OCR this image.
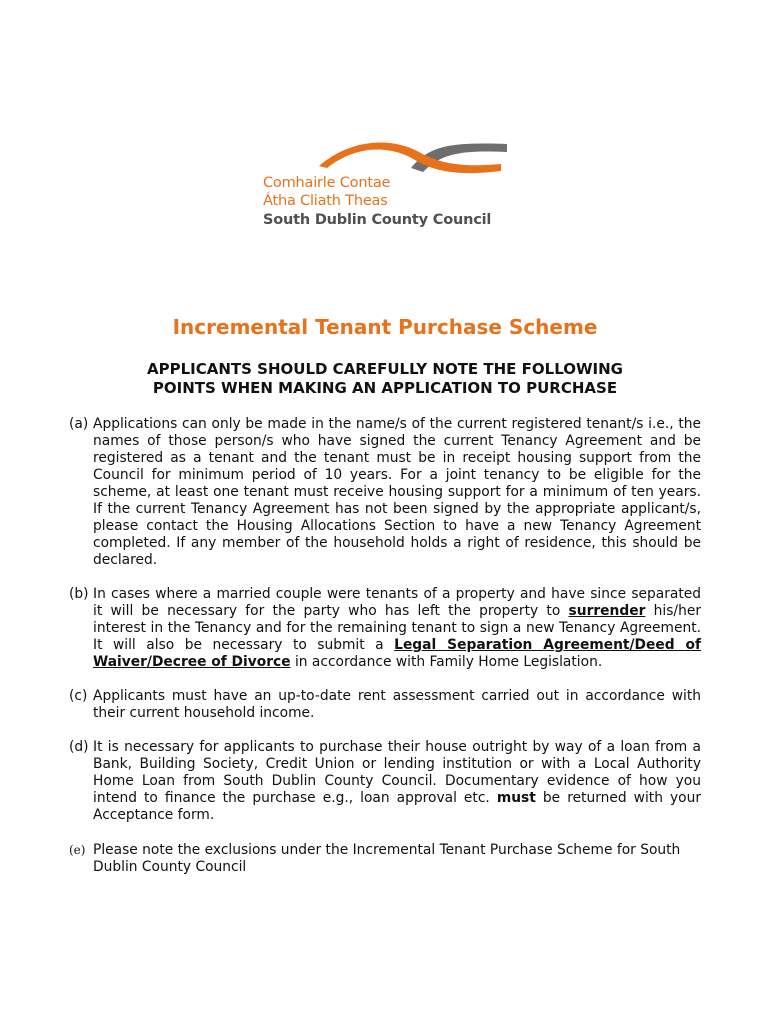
Comhairle Contae
Átha Cliath Theas
South Dublin County Council
Incremental Tenant Purchase Scheme
APPLICANTS SHOULD CAREFULLY NOTE THE FOLLOWING
POINTS WHEN MAKING AN APPLICATION TO PURCHASE
(a) Applications can only be made in the name/s of the current registered tenant/s i.e., the names of those person/s who have signed the current Tenancy Agreement and be registered as a tenant and the tenant must be in receipt housing support from the Council for minimum period of 10 years. For a joint tenancy to be eligible for the scheme, at least one tenant must receive housing support for a minimum of ten years. If the current Tenancy Agreement has not been signed by the appropriate applicant/s, please contact the Housing Allocations Section to have a new Tenancy Agreement completed. If any member of the household holds a right of residence, this should be declared.
(b) In cases where a married couple were tenants of a property and have since separated it will be necessary for the party who has left the property to surrender his/her interest in the Tenancy and for the remaining tenant to sign a new Tenancy Agreement. It will also be necessary to submit a Legal Separation Agreement/Deed of Waiver/Decree of Divorce in accordance with Family Home Legislation.
(c) Applicants must have an up-to-date rent assessment carried out in accordance with their current household income.
(d) It is necessary for applicants to purchase their house outright by way of a loan from a Bank, Building Society, Credit Union or lending institution or with a Local Authority Home Loan from South Dublin County Council. Documentary evidence of how you intend to finance the purchase e.g., loan approval etc. must be returned with your Acceptance form.
(e) Please note the exclusions under the Incremental Tenant Purchase Scheme for South Dublin County Council
